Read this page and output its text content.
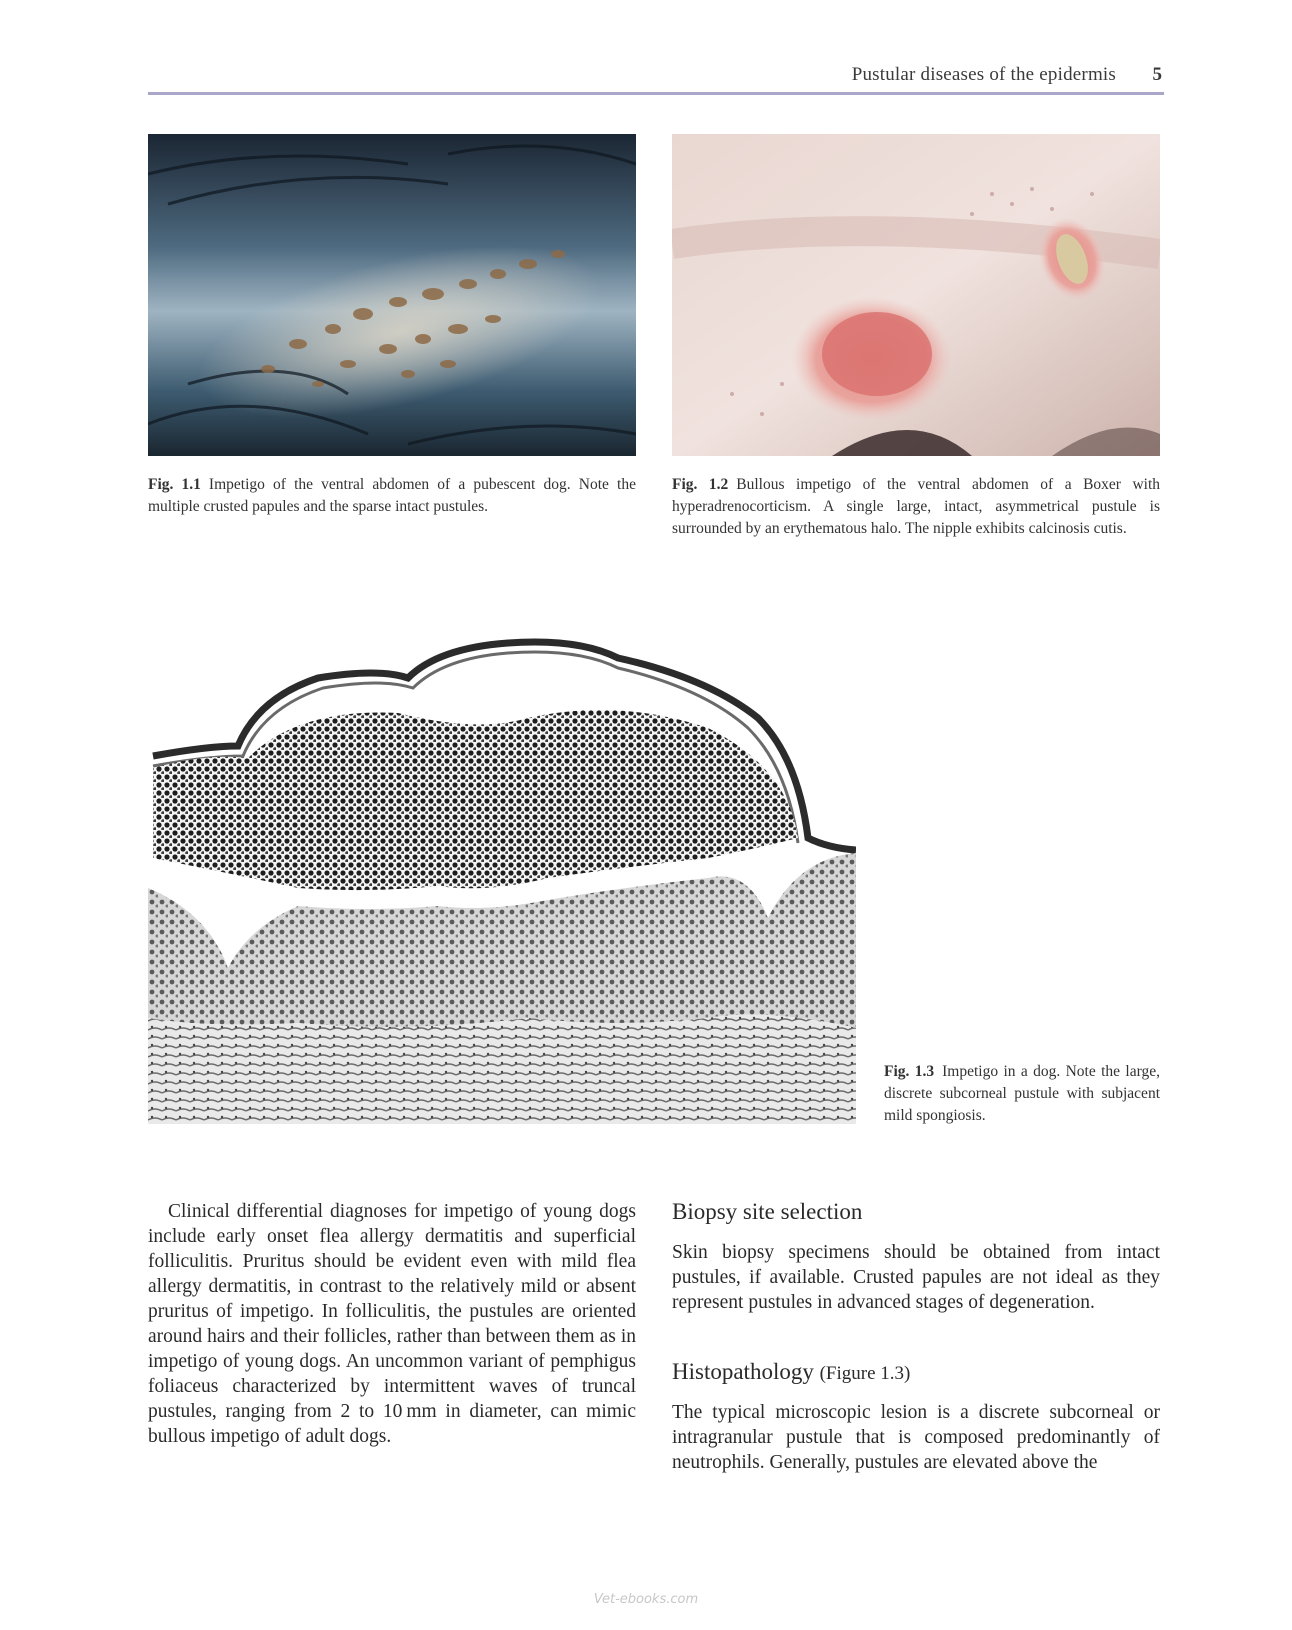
Pustular diseases of the epidermis 5
Fig. 1.1 Impetigo of the ventral abdomen of a pubescent dog. Note the multiple crusted papules and the sparse intact pustules.
Fig. 1.2 Bullous impetigo of the ventral abdomen of a Boxer with hyperadrenocorticism. A single large, intact, asymmetrical pustule is surrounded by an erythematous halo. The nipple exhibits calcinosis cutis.
Fig. 1.3 Impetigo in a dog. Note the large, discrete subcorneal pustule with subjacent mild spongiosis.

Clinical differential diagnoses for impetigo of young dogs include early onset flea allergy dermatitis and superficial folliculitis. Pruritus should be evident even with mild flea allergy dermatitis, in contrast to the relatively mild or absent pruritus of impetigo. In folliculitis, the pustules are oriented around hairs and their follicles, rather than between them as in impetigo of young dogs. An uncommon variant of pemphigus foliaceus characterized by intermittent waves of truncal pustules, ranging from 2 to 10 mm in diameter, can mimic bullous impetigo of adult dogs.

Biopsy site selection

Skin biopsy specimens should be obtained from intact pustules, if available. Crusted papules are not ideal as they represent pustules in advanced stages of degeneration.

Histopathology (Figure 1.3)

The typical microscopic lesion is a discrete subcorneal or intragranular pustule that is composed predominantly of neutrophils. Generally, pustules are elevated above the

Vet-ebooks.com
